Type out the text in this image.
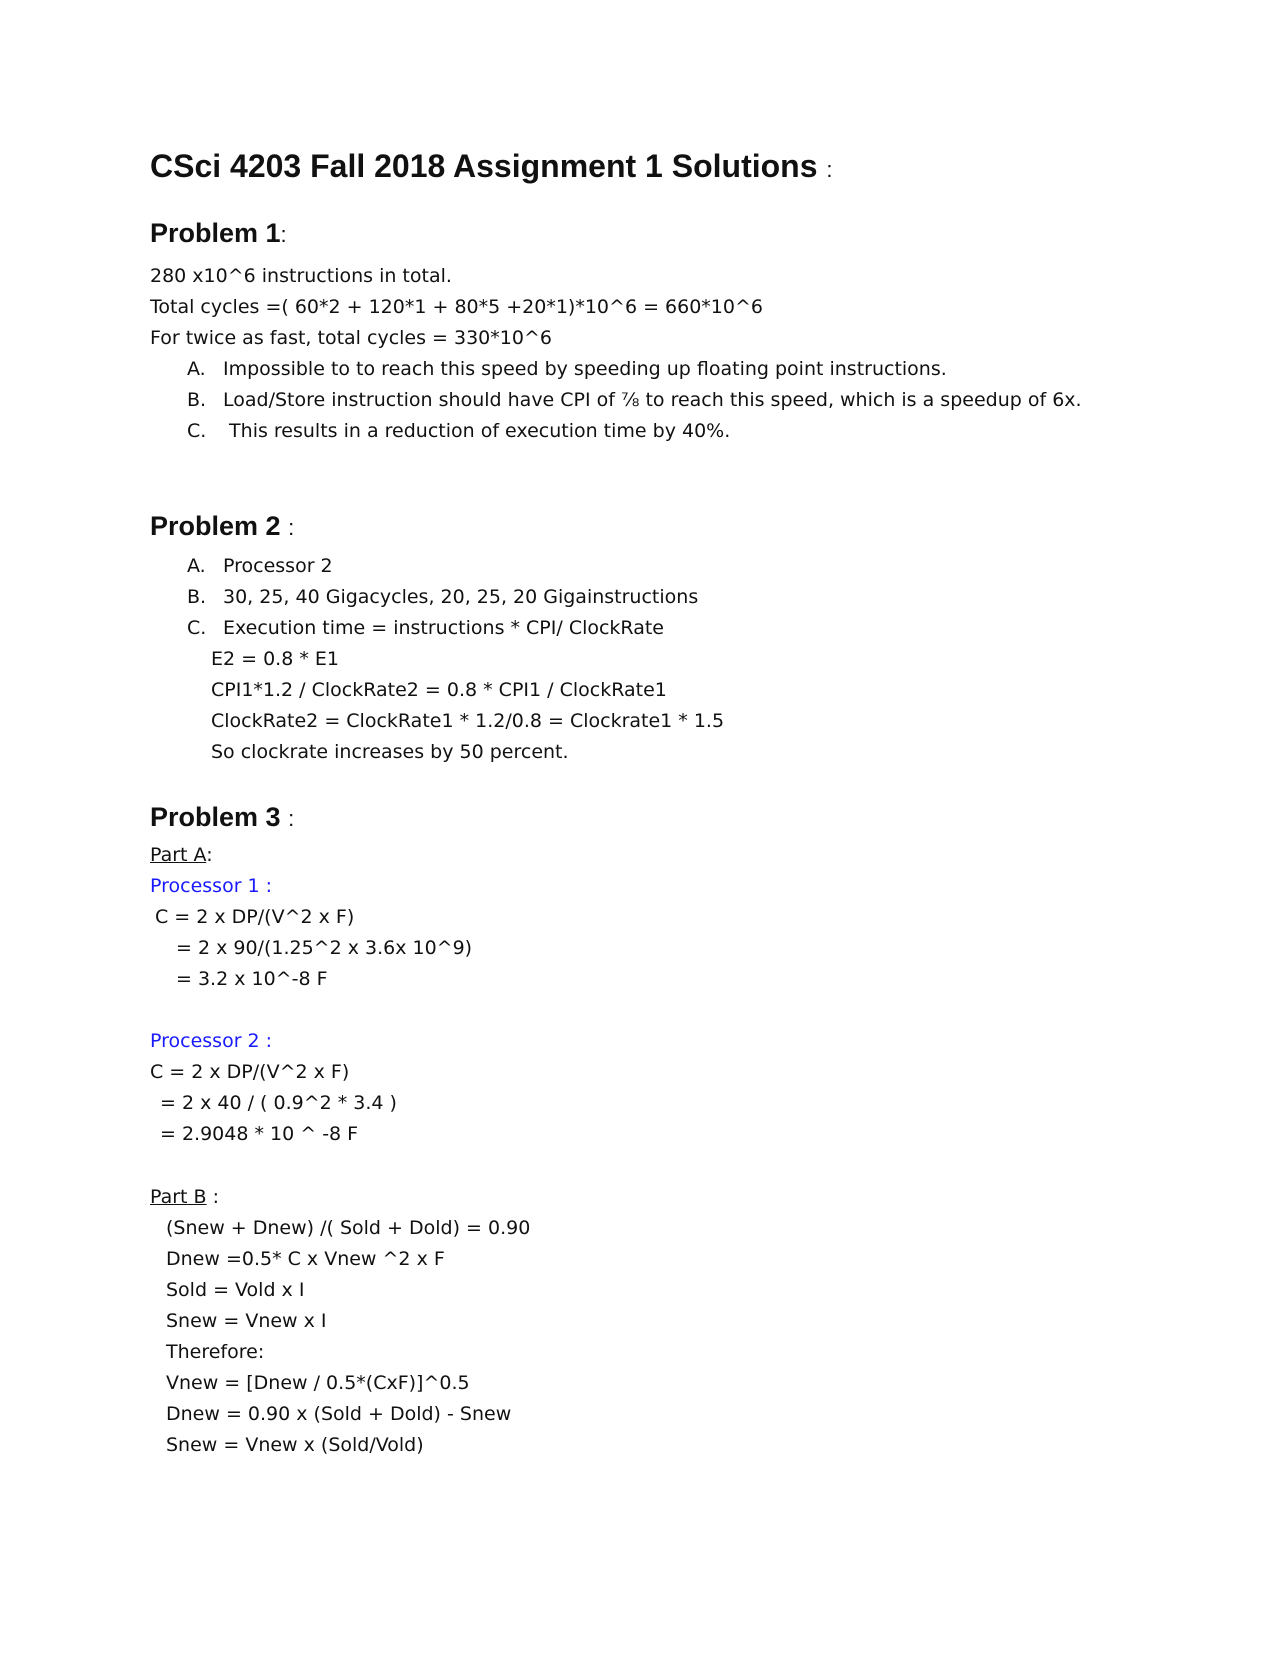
CSci 4203 Fall 2018 Assignment 1 Solutions :
Problem 1:
280 x10^6 instructions in total.
Total cycles =( 60*2 + 120*1 + 80*5 +20*1)*10^6 = 660*10^6
For twice as fast, total cycles = 330*10^6
A. Impossible to to reach this speed by speeding up floating point instructions.
B. Load/Store instruction should have CPI of ⅞ to reach this speed, which is a speedup of 6x.
C. This results in a reduction of execution time by 40%.
Problem 2 :
A. Processor 2
B. 30, 25, 40 Gigacycles, 20, 25, 20 Gigainstructions
C. Execution time = instructions * CPI/ ClockRate
E2 = 0.8 * E1
CPI1*1.2 / ClockRate2 = 0.8 * CPI1 / ClockRate1
ClockRate2 = ClockRate1 * 1.2/0.8 = Clockrate1 * 1.5
So clockrate increases by 50 percent.
Problem 3 :
Part A:
Processor 1 :
C = 2 x DP/(V^2 x F)
= 2 x 90/(1.25^2 x 3.6x 10^9)
= 3.2 x 10^-8 F
Processor 2 :
C = 2 x DP/(V^2 x F)
= 2 x 40 / ( 0.9^2 * 3.4 )
= 2.9048 * 10 ^ -8 F
Part B :
(Snew + Dnew) /( Sold + Dold) = 0.90
Dnew =0.5* C x Vnew ^2 x F
Sold = Vold x I
Snew = Vnew x I
Therefore:
Vnew = [Dnew / 0.5*(CxF)]^0.5
Dnew = 0.90 x (Sold + Dold) - Snew
Snew = Vnew x (Sold/Vold)
